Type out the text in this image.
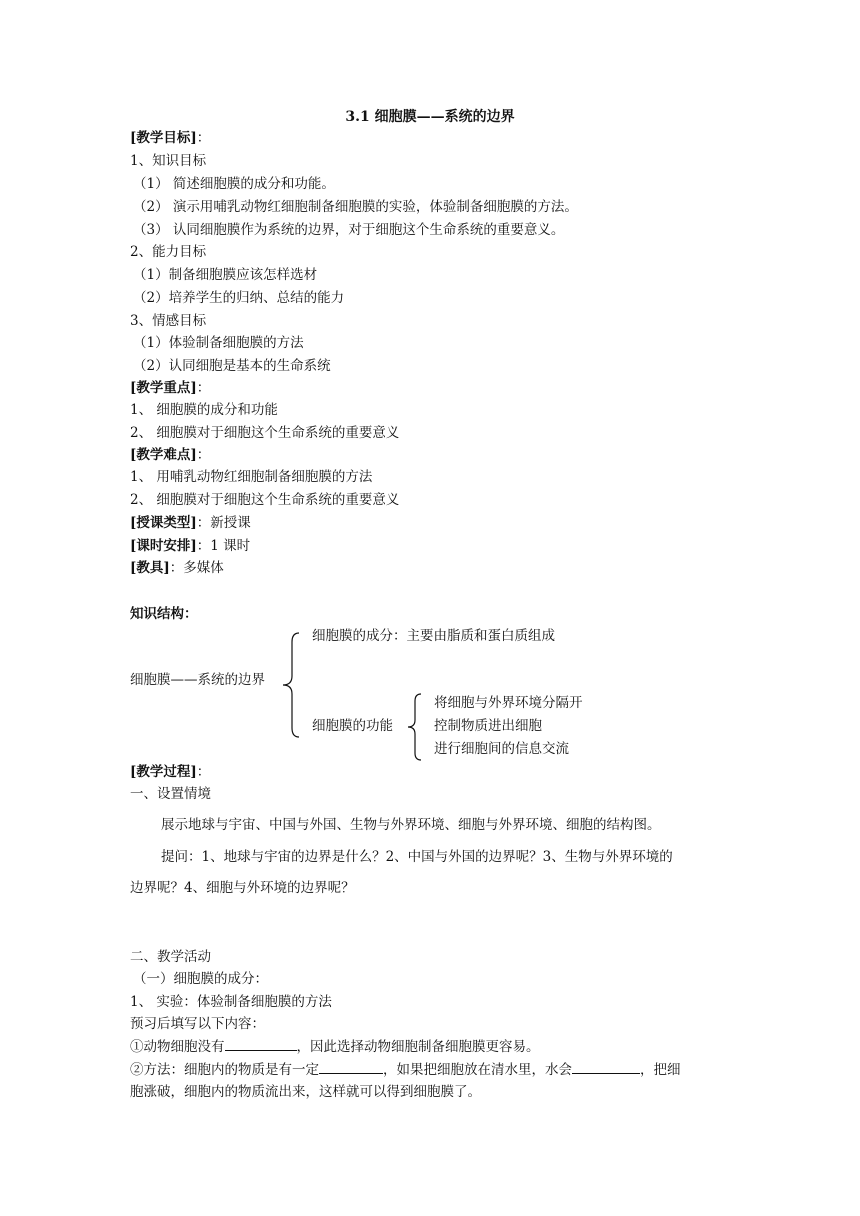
3.1 细胞膜——系统的边界
[教学目标]：
1、知识目标
（1） 简述细胞膜的成分和功能。
（2） 演示用哺乳动物红细胞制备细胞膜的实验，体验制备细胞膜的方法。
（3） 认同细胞膜作为系统的边界，对于细胞这个生命系统的重要意义。
2、能力目标
（1）制备细胞膜应该怎样选材
（2）培养学生的归纳、总结的能力
3、情感目标
（1）体验制备细胞膜的方法
（2）认同细胞是基本的生命系统
[教学重点]：
1、 细胞膜的成分和功能
2、 细胞膜对于细胞这个生命系统的重要意义
[教学难点]：
1、 用哺乳动物红细胞制备细胞膜的方法
2、 细胞膜对于细胞这个生命系统的重要意义
[授课类型]：新授课
[课时安排]：1 课时
[教具]：多媒体
知识结构：
细胞膜——系统的边界
细胞膜的成分：主要由脂质和蛋白质组成
细胞膜的功能
将细胞与外界环境分隔开
控制物质进出细胞
进行细胞间的信息交流
[教学过程]：
一、设置情境
展示地球与宇宙、中国与外国、生物与外界环境、细胞与外界环境、细胞的结构图。
提问：1、地球与宇宙的边界是什么？2、中国与外国的边界呢？3、生物与外界环境的
边界呢？4、细胞与外环境的边界呢？
二、教学活动
（一）细胞膜的成分：
1、 实验：体验制备细胞膜的方法
预习后填写以下内容：
①动物细胞没有	，因此选择动物细胞制备细胞膜更容易。
②方法：细胞内的物质是有一定	，如果把细胞放在清水里，水会	，把细
胞涨破，细胞内的物质流出来，这样就可以得到细胞膜了。
